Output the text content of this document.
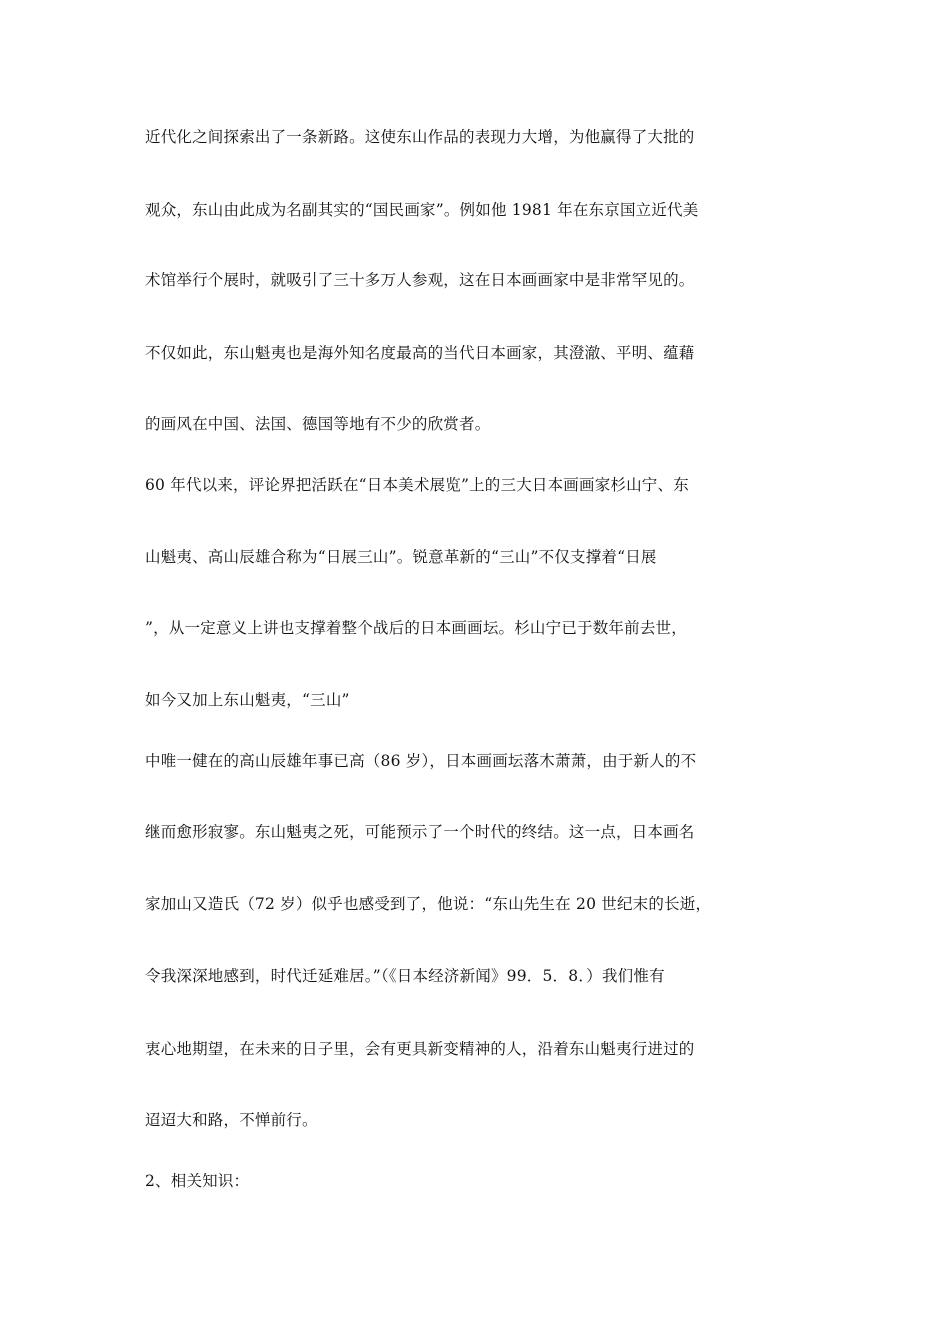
近代化之间探索出了一条新路。这使东山作品的表现力大增，为他赢得了大批的
观众，东山由此成为名副其实的“国民画家”。例如他 1981 年在东京国立近代美
术馆举行个展时，就吸引了三十多万人参观，这在日本画画家中是非常罕见的。
不仅如此，东山魁夷也是海外知名度最高的当代日本画家，其澄澈、平明、蕴藉
的画风在中国、法国、德国等地有不少的欣赏者。
60 年代以来，评论界把活跃在“日本美术展览”上的三大日本画画家杉山宁、东
山魁夷、高山辰雄合称为“日展三山”。锐意革新的“三山”不仅支撑着“日展
”，从一定意义上讲也支撑着整个战后的日本画画坛。杉山宁已于数年前去世，
如今又加上东山魁夷，“三山”
中唯一健在的高山辰雄年事已高（86 岁），日本画画坛落木萧萧，由于新人的不
继而愈形寂寥。东山魁夷之死，可能预示了一个时代的终结。这一点，日本画名
家加山又造氏（72 岁）似乎也感受到了，他说：“东山先生在 20 世纪末的长逝，
令我深深地感到，时代迁延难居。”（《日本经济新闻》99．5．8．）我们惟有
衷心地期望，在未来的日子里，会有更具新变精神的人，沿着东山魁夷行进过的
迢迢大和路，不惮前行。
2、相关知识：
